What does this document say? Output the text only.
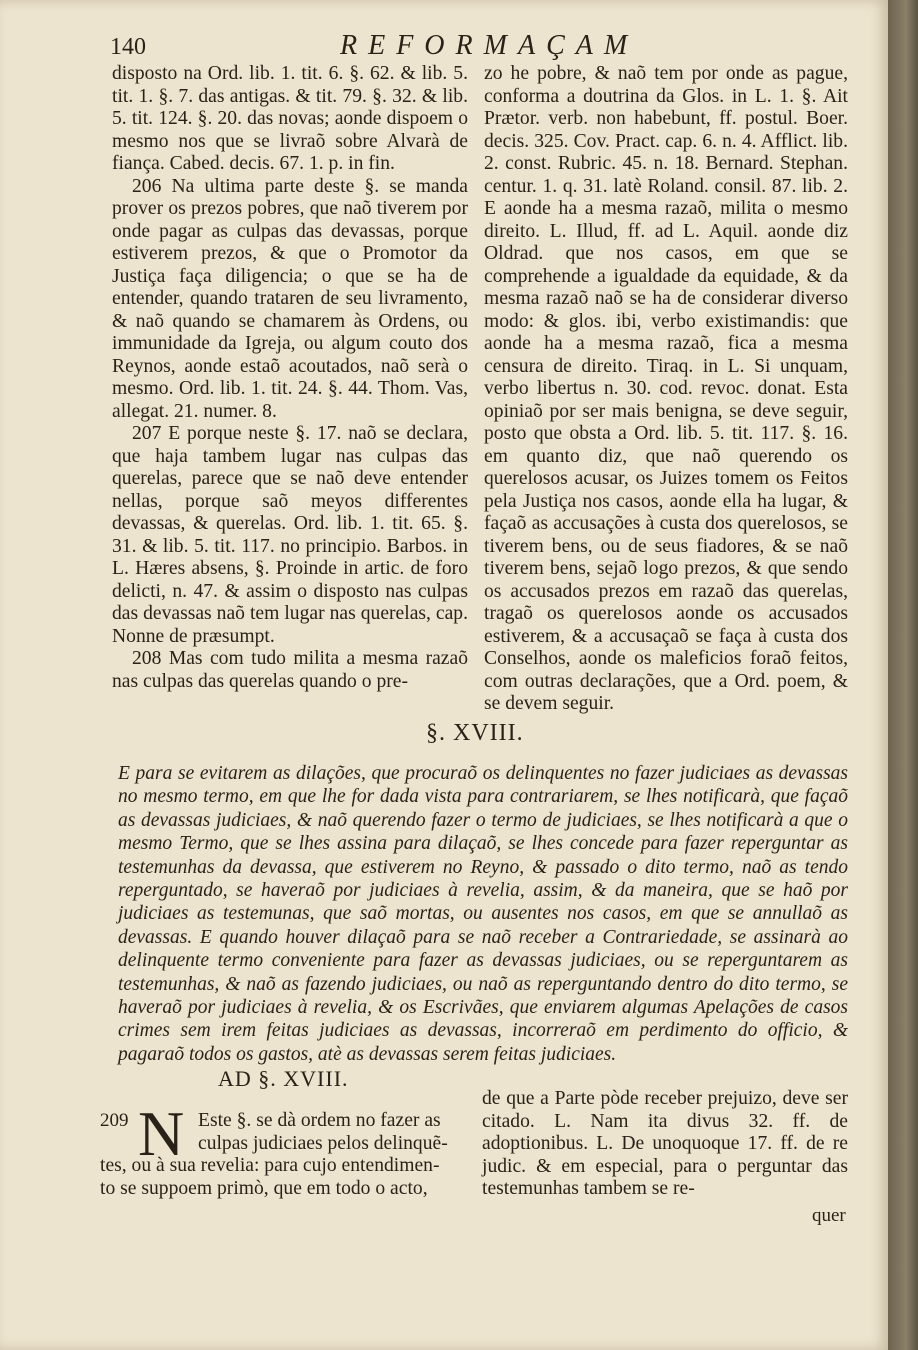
140	REFORMAÇAM

disposto na Ord. lib. 1. tit. 6. §. 62. & lib. 5. tit. 1. §. 7. das antigas. & tit. 79. §. 32. & lib. 5. tit. 124. §. 20. das novas; aonde dispoem o mesmo nos que se livraõ sobre Alvarà de fiança. Cabed. decis. 67. 1. p. in fin.

206 Na ultima parte deste §. se manda prover os prezos pobres, que naõ tiverem por onde pagar as culpas das devassas, porque estiverem prezos, & que o Promotor da Justiça faça diligencia; o que se ha de entender, quando trataren de seu livramento, & naõ quando se chamarem às Ordens, ou immunidade da Igreja, ou algum couto dos Reynos, aonde estaõ acoutados, naõ serà o mesmo. Ord. lib. 1. tit. 24. §. 44. Thom. Vas, allegat. 21. numer. 8.

207 E porque neste §. 17. naõ se declara, que haja tambem lugar nas culpas das querelas, parece que se naõ deve entender nellas, porque saõ meyos differentes devassas, & querelas. Ord. lib. 1. tit. 65. §. 31. & lib. 5. tit. 117. no principio. Barbos. in L. Hæres absens, §. Proinde in artic. de foro delicti, n. 47. & assim o disposto nas culpas das devassas naõ tem lugar nas querelas, cap. Nonne de præsumpt.

208 Mas com tudo milita a mesma razaõ nas culpas das querelas quando o pre-

zo he pobre, & naõ tem por onde as pague, conforma a doutrina da Glos. in L. 1. §. Ait Prætor. verb. non habebunt, ff. postul. Boer. decis. 325. Cov. Pract. cap. 6. n. 4. Afflict. lib. 2. const. Rubric. 45. n. 18. Bernard. Stephan. centur. 1. q. 31. latè Roland. consil. 87. lib. 2. E aonde ha a mesma razaõ, milita o mesmo direito. L. Illud, ff. ad L. Aquil. aonde diz Oldrad. que nos casos, em que se comprehende a igualdade da equidade, & da mesma razaõ naõ se ha de considerar diverso modo: & glos. ibi, verbo existimandis: que aonde ha a mesma razaõ, fica a mesma censura de direito. Tiraq. in L. Si unquam, verbo libertus n. 30. cod. revoc. donat. Esta opiniaõ por ser mais benigna, se deve seguir, posto que obsta a Ord. lib. 5. tit. 117. §. 16. em quanto diz, que naõ querendo os querelosos acusar, os Juizes tomem os Feitos pela Justiça nos casos, aonde ella ha lugar, & façaõ as accusações à custa dos querelosos, se tiverem bens, ou de seus fiadores, & se naõ tiverem bens, sejaõ logo prezos, & que sendo os accusados prezos em razaõ das querelas, tragaõ os querelosos aonde os accusados estiverem, & a accusaçaõ se faça à custa dos Conselhos, aonde os maleficios foraõ feitos, com outras declarações, que a Ord. poem, & se devem seguir.

§. XVIII.
E para se evitarem as dilações, que procuraõ os delinquentes no fazer judiciaes as devassas no mesmo termo, em que lhe for dada vista para contrariarem, se lhes notificarà, que façaõ as devassas judiciaes, & naõ querendo fazer o termo de judiciaes, se lhes notificarà a que o mesmo Termo, que se lhes assina para dilaçaõ, se lhes concede para fazer reperguntar as testemunhas da devassa, que estiverem no Reyno, & passado o dito termo, naõ as tendo reperguntado, se haveraõ por judiciaes à revelia, assim, & da maneira, que se haõ por judiciaes as testemunas, que saõ mortas, ou ausentes nos casos, em que se annullaõ as devassas. E quando houver dilaçaõ para se naõ receber a Contrariedade, se assinarà ao delinquente termo conveniente para fazer as devassas judiciaes, ou se reperguntarem as testemunhas, & naõ as fazendo judiciaes, ou naõ as reperguntando dentro do dito termo, se haveraõ por judiciaes à revelia, & os Escrivães, que enviarem algumas Apelações de casos crimes sem irem feitas judiciaes as devassas, incorreraõ em perdimento do officio, & pagaraõ todos os gastos, atè as devassas serem feitas judiciaes.
AD §. XVIII.
209 N Este §. se dà ordem no fazer as
culpas judiciaes pelos delinquẽ-
tes, ou à sua revelia: para cujo entendimen-
to se suppoem primò, que em todo o acto,
de que a Parte pòde receber prejuizo, deve ser citado. L. Nam ita divus 32. ff. de adoptionibus. L. De unoquoque 17. ff. de re judic. & em especial, para o perguntar das testemunhas tambem se re-
quer
